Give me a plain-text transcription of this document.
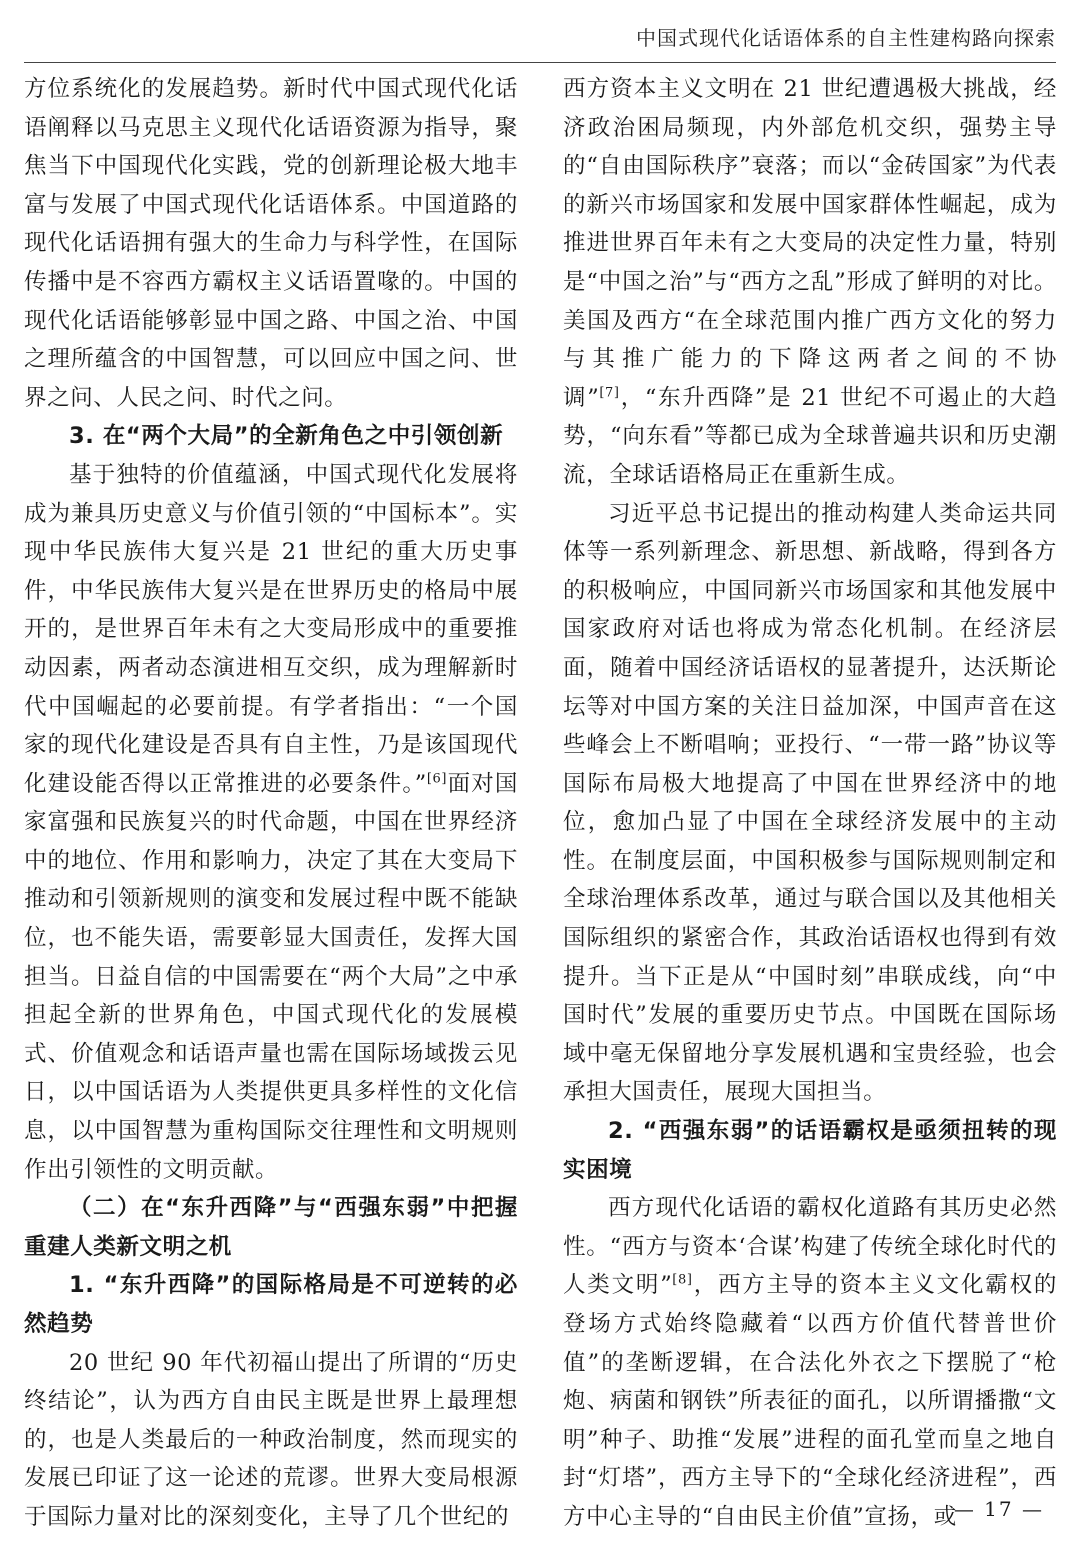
中国式现代化话语体系的自主性建构路向探索

方位系统化的发展趋势。新时代中国式现代化话语阐释以马克思主义现代化话语资源为指导，聚焦当下中国现代化实践，党的创新理论极大地丰富与发展了中国式现代化话语体系。中国道路的现代化话语拥有强大的生命力与科学性，在国际传播中是不容西方霸权主义话语置喙的。中国的现代化话语能够彰显中国之路、中国之治、中国之理所蕴含的中国智慧，可以回应中国之问、世界之问、人民之问、时代之问。

3. 在“两个大局”的全新角色之中引领创新

基于独特的价值蕴涵，中国式现代化发展将成为兼具历史意义与价值引领的“中国标本”。实现中华民族伟大复兴是 21 世纪的重大历史事件，中华民族伟大复兴是在世界历史的格局中展开的，是世界百年未有之大变局形成中的重要推动因素，两者动态演进相互交织，成为理解新时代中国崛起的必要前提。有学者指出：“一个国家的现代化建设是否具有自主性，乃是该国现代化建设能否得以正常推进的必要条件。”[6]面对国家富强和民族复兴的时代命题，中国在世界经济中的地位、作用和影响力，决定了其在大变局下推动和引领新规则的演变和发展过程中既不能缺位，也不能失语，需要彰显大国责任，发挥大国担当。日益自信的中国需要在“两个大局”之中承担起全新的世界角色，中国式现代化的发展模式、价值观念和话语声量也需在国际场域拨云见日，以中国话语为人类提供更具多样性的文化信息，以中国智慧为重构国际交往理性和文明规则作出引领性的文明贡献。

（二）在“东升西降”与“西强东弱”中把握重建人类新文明之机
1. “东升西降”的国际格局是不可逆转的必然趋势

20 世纪 90 年代初福山提出了所谓的“历史终结论”，认为西方自由民主既是世界上最理想的，也是人类最后的一种政治制度，然而现实的发展已印证了这一论述的荒谬。世界大变局根源于国际力量对比的深刻变化，主导了几个世纪的

西方资本主义文明在 21 世纪遭遇极大挑战，经济政治困局频现，内外部危机交织，强势主导的“自由国际秩序”衰落；而以“金砖国家”为代表的新兴市场国家和发展中国家群体性崛起，成为推进世界百年未有之大变局的决定性力量，特别是“中国之治”与“西方之乱”形成了鲜明的对比。美国及西方“在全球范围内推广西方文化的努力与其推广能力的下降这两者之间的不协调”[7]，“东升西降”是 21 世纪不可遏止的大趋势，“向东看”等都已成为全球普遍共识和历史潮流，全球话语格局正在重新生成。

习近平总书记提出的推动构建人类命运共同体等一系列新理念、新思想、新战略，得到各方的积极响应，中国同新兴市场国家和其他发展中国家政府对话也将成为常态化机制。在经济层面，随着中国经济话语权的显著提升，达沃斯论坛等对中国方案的关注日益加深，中国声音在这些峰会上不断唱响；亚投行、“一带一路”协议等国际布局极大地提高了中国在世界经济中的地位，愈加凸显了中国在全球经济发展中的主动性。在制度层面，中国积极参与国际规则制定和全球治理体系改革，通过与联合国以及其他相关国际组织的紧密合作，其政治话语权也得到有效提升。当下正是从“中国时刻”串联成线，向“中国时代”发展的重要历史节点。中国既在国际场域中毫无保留地分享发展机遇和宝贵经验，也会承担大国责任，展现大国担当。

2. “西强东弱”的话语霸权是亟须扭转的现实困境

西方现代化话语的霸权化道路有其历史必然性。“西方与资本‘合谋’构建了传统全球化时代的人类文明”[8]，西方主导的资本主义文化霸权的登场方式始终隐藏着“以西方价值代替普世价值”的垄断逻辑，在合法化外衣之下摆脱了“枪炮、病菌和钢铁”所表征的面孔，以所谓播撒“文明”种子、助推“发展”进程的面孔堂而皇之地自封“灯塔”，西方主导下的“全球化经济进程”，西方中心主导的“自由民主价值”宣扬，或

— 17 —
